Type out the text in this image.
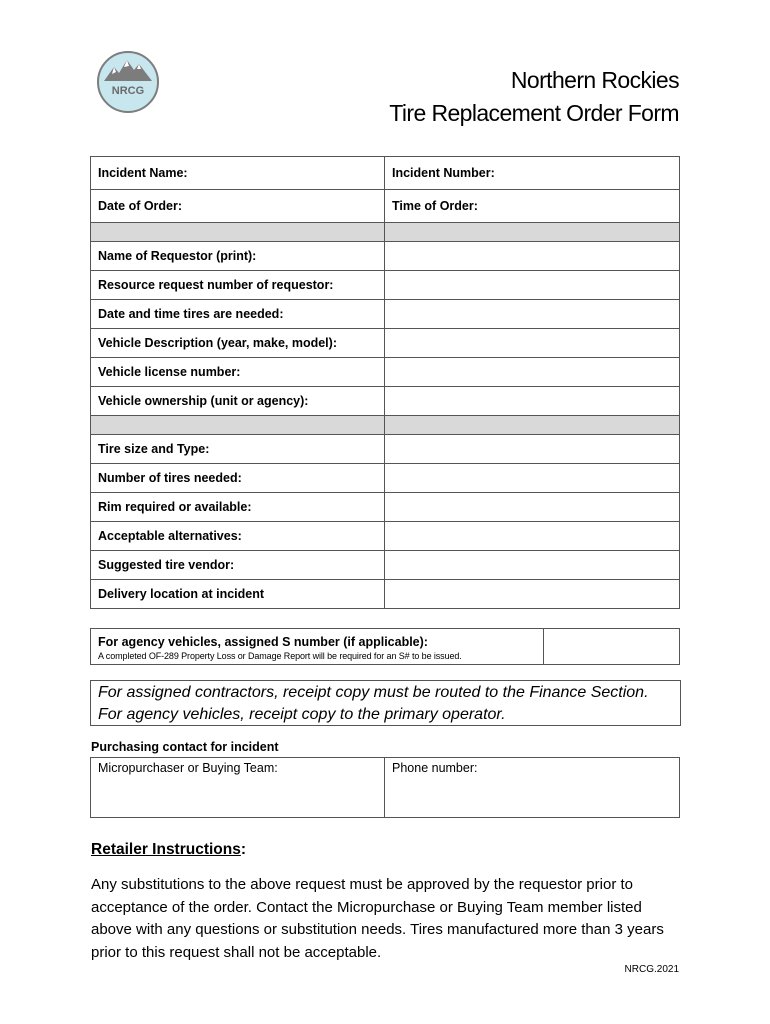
NRCG	Northern Rockies
Tire Replacement Order Form
Incident Name:	Incident Number:
Date of Order:	Time of Order:

Name of Requestor (print):	
Resource request number of requestor:	
Date and time tires are needed:	
Vehicle Description (year, make, model):	
Vehicle license number:	
Vehicle ownership (unit or agency):	

Tire size and Type:	
Number of tires needed:	
Rim required or available:	
Acceptable alternatives:	
Suggested tire vendor:	
Delivery location at incident	
For agency vehicles, assigned S number (if applicable):
A completed OF-289 Property Loss or Damage Report will be required for an S# to be issued.

For assigned contractors, receipt copy must be routed to the Finance Section.
For agency vehicles, receipt copy to the primary operator.
Purchasing contact for incident
Micropurchaser or Buying Team:	Phone number:
Retailer Instructions:
Any substitutions to the above request must be approved by the requestor prior to acceptance of the order. Contact the Micropurchase or Buying Team member listed above with any questions or substitution needs. Tires manufactured more than 3 years prior to this request shall not be acceptable.
NRCG.2021
